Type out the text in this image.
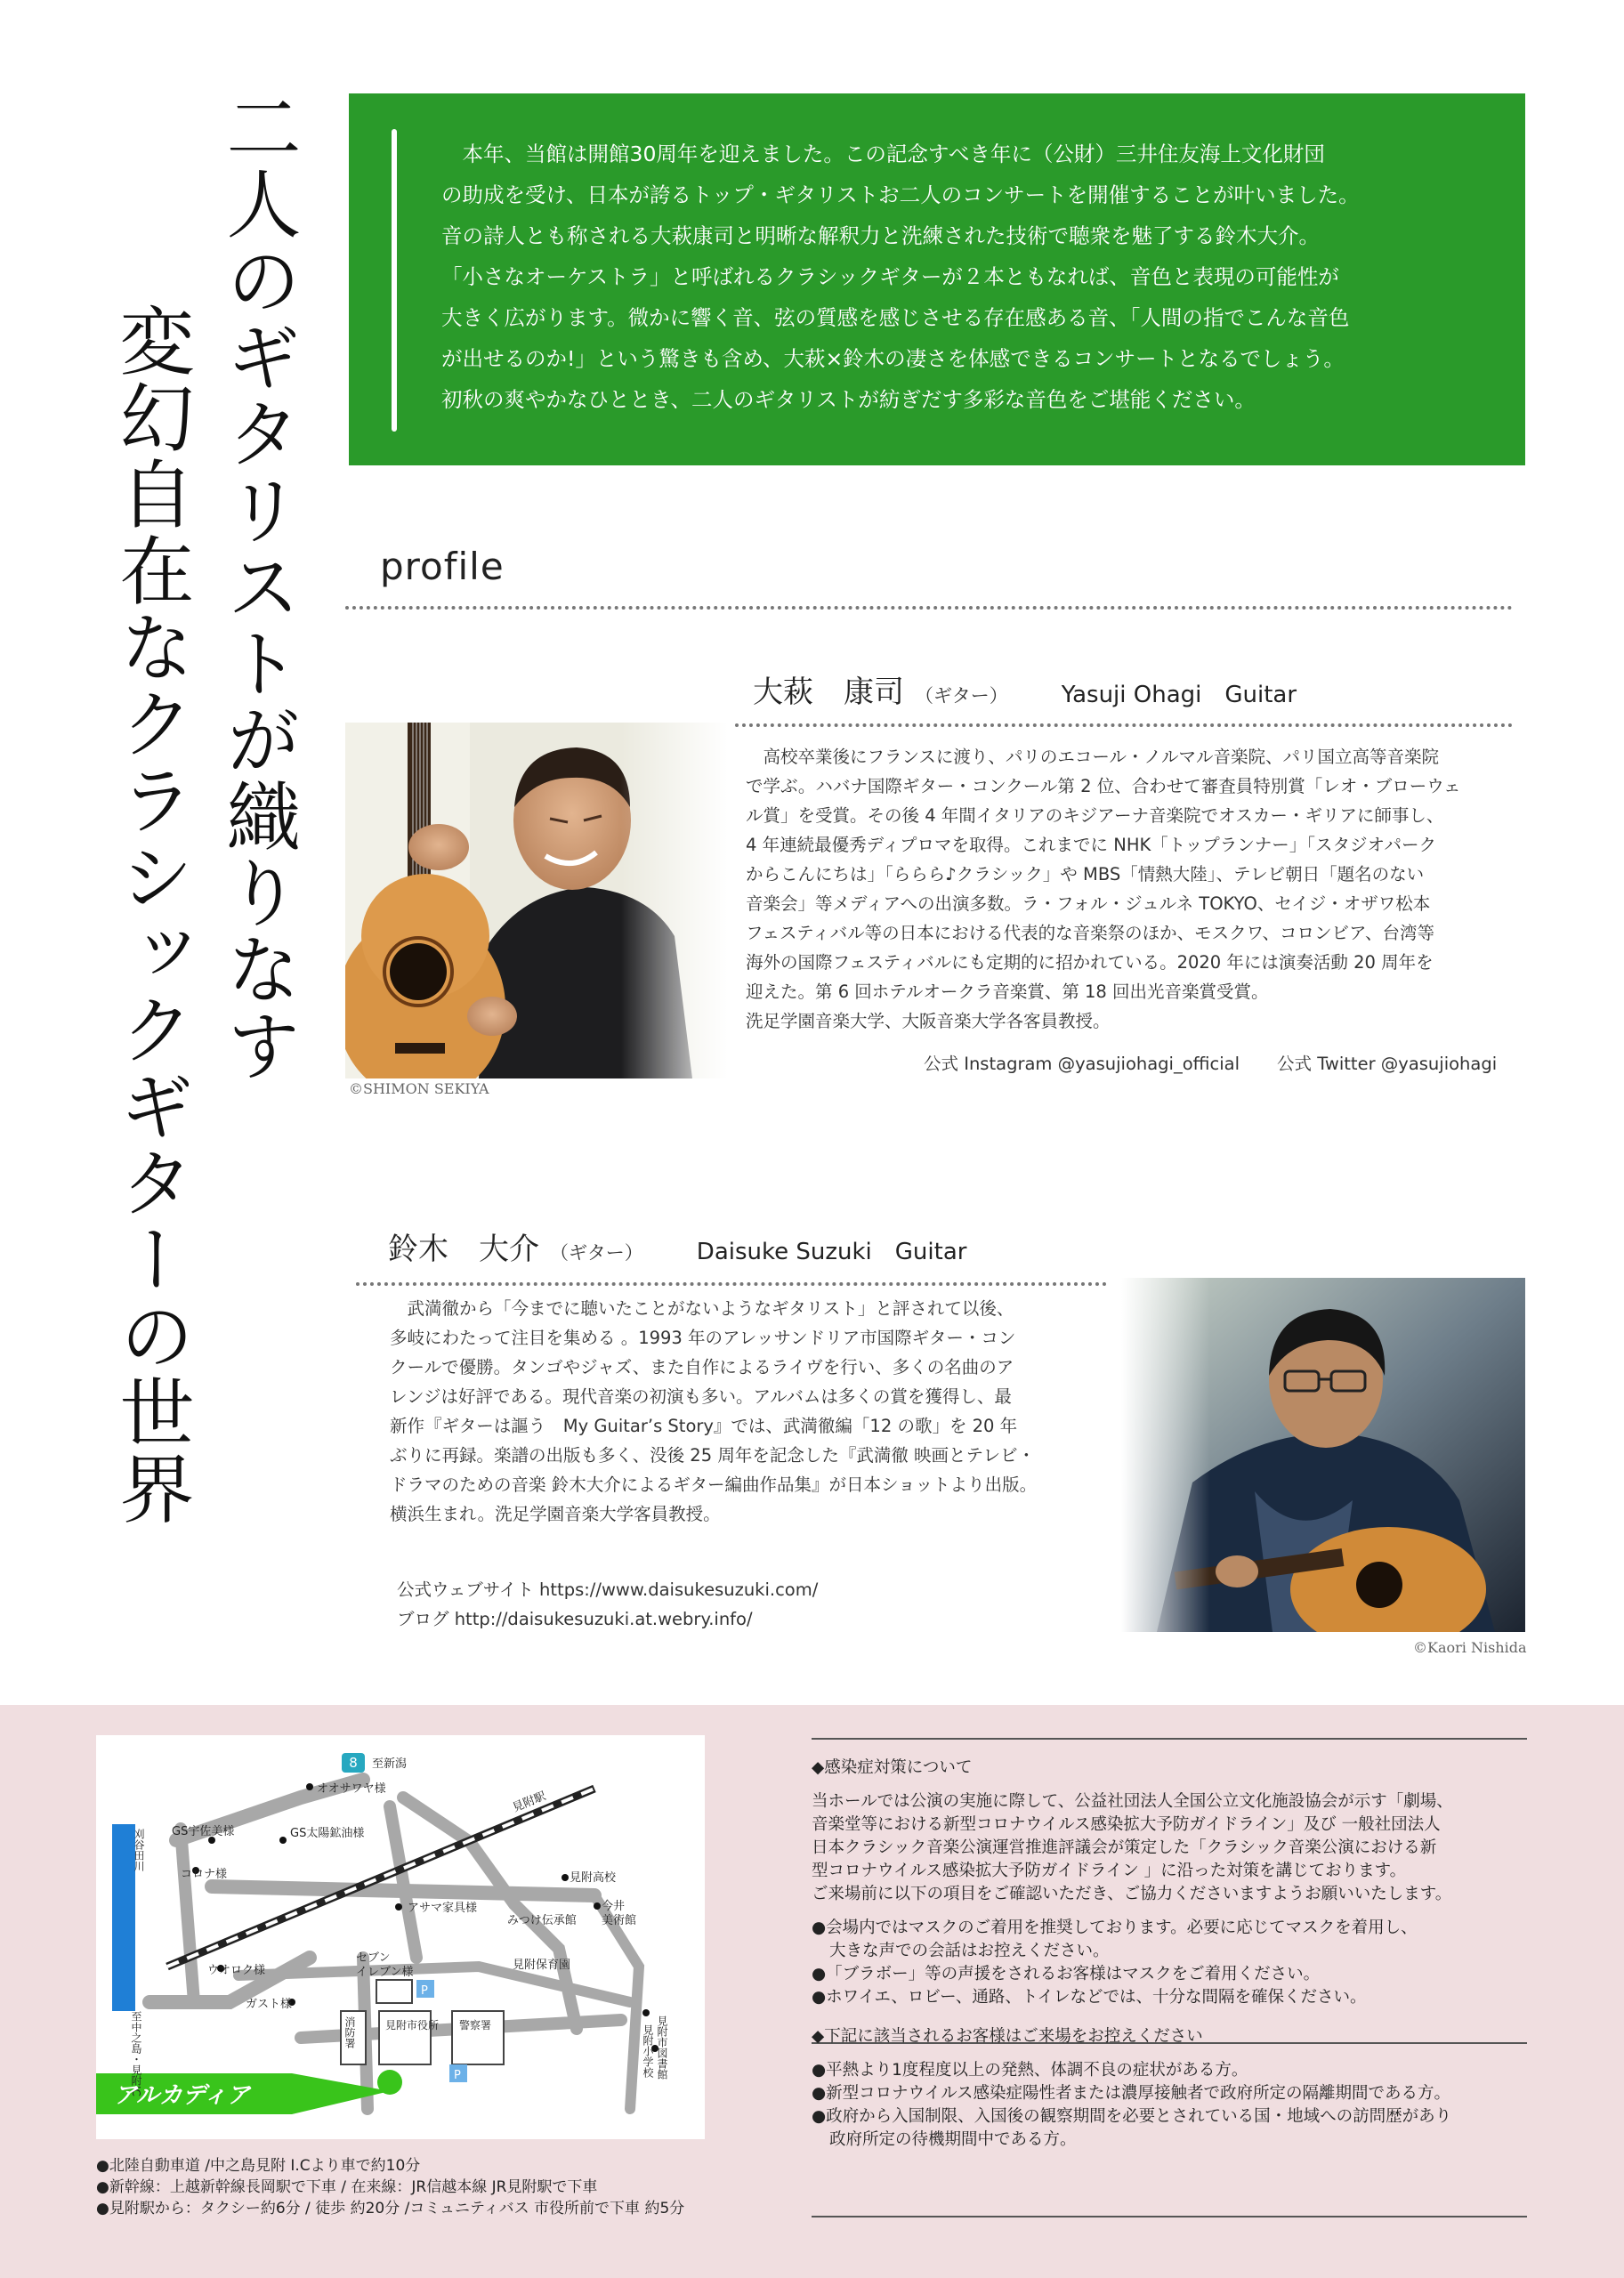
二人のギタリストが織りなす
変幻自在なクラシックギターの世界

　本年、当館は開館30周年を迎えました。この記念すべき年に（公財）三井住友海上文化財団

の助成を受け、日本が誇るトップ・ギタリストお二人のコンサートを開催することが叶いました。

音の詩人とも称される大萩康司と明晰な解釈力と洗練された技術で聴衆を魅了する鈴木大介。

「小さなオーケストラ」と呼ばれるクラシックギターが２本ともなれば、音色と表現の可能性が

大きく広がります。微かに響く音、弦の質感を感じさせる存在感ある音、「人間の指でこんな音色

が出せるのか!」という驚きも含め、大萩×鈴木の凄さを体感できるコンサートとなるでしょう。

初秋の爽やかなひととき、二人のギタリストが紡ぎだす多彩な音色をご堪能ください。

profile
大萩　康司 （ギター） Yasuji Ohagi　Guitar
©SHIMON SEKIYA

　高校卒業後にフランスに渡り、パリのエコール・ノルマル音楽院、パリ国立高等音楽院

で学ぶ。ハバナ国際ギター・コンクール第 2 位、合わせて審査員特別賞「レオ・ブローウェ

ル賞」を受賞。その後 4 年間イタリアのキジアーナ音楽院でオスカー・ギリアに師事し、

4 年連続最優秀ディプロマを取得。これまでに NHK「トップランナー」「スタジオパーク

からこんにちは」「ららら♪クラシック」や MBS「情熱大陸」、テレビ朝日「題名のない

音楽会」等メディアへの出演多数。ラ・フォル・ジュルネ TOKYO、セイジ・オザワ松本

フェスティバル等の日本における代表的な音楽祭のほか、モスクワ、コロンビア、台湾等

海外の国際フェスティバルにも定期的に招かれている。2020 年には演奏活動 20 周年を

迎えた。第 6 回ホテルオークラ音楽賞、第 18 回出光音楽賞受賞。

洗足学園音楽大学、大阪音楽大学各客員教授。

公式 Instagram @yasujiohagi_official 公式 Twitter @yasujiohagi
鈴木　大介 （ギター） Daisuke Suzuki　Guitar

　武満徹から「今までに聴いたことがないようなギタリスト」と評されて以後、

多岐にわたって注目を集める 。1993 年のアレッサンドリア市国際ギター・コン

クールで優勝。タンゴやジャズ、また自作によるライヴを行い、多くの名曲のア

レンジは好評である。現代音楽の初演も多い。アルバムは多くの賞を獲得し、最

新作『ギターは謳う　My Guitar’s Story』では、武満徹編「12 の歌」を 20 年

ぶりに再録。楽譜の出版も多く、没後 25 周年を記念した『武満徹 映画とテレビ・

ドラマのための音楽 鈴木大介によるギター編曲作品集』が日本ショットより出版。

横浜生まれ。洗足学園音楽大学客員教授。

公式ウェブサイト https://www.daisukesuzuki.com/

ブログ http://daisukesuzuki.at.webry.info/

©Kaori Nishida
8 至新潟
オオサワヤ様
見附駅
GS宇佐美様	GS太陽鉱油様
コロナ様	見附高校
アサマ家具様	今井
美術館
みつけ伝承館
至中之島・見附IC
刈谷田川
ウオロク様
セブン
イレブン様
P
P
見附保育園
ガスト様
消防署	見附市役所 警察署	見附市図書館
見附小学校
アルカディア

●北陸自動車道 /中之島見附 I.Cより車で約10分

●新幹線：上越新幹線長岡駅で下車 / 在来線：JR信越本線 JR見附駅で下車

●見附駅から：タクシー約6分 / 徒歩 約20分 /コミュニティバス 市役所前で下車 約5分

◆感染症対策について

当ホールでは公演の実施に際して、公益社団法人全国公立文化施設協会が示す「劇場、

音楽堂等における新型コロナウイルス感染拡大予防ガイドライン」及び 一般社団法人

日本クラシック音楽公演運営推進評議会が策定した「クラシック音楽公演における新

型コロナウイルス感染拡大予防ガイドライン 」に沿った対策を講じております。

ご来場前に以下の項目をご確認いただき、ご協力くださいますようお願いいたします。

●会場内ではマスクのご着用を推奨しております。必要に応じてマスクを着用し、

大きな声での会話はお控えください。

●「ブラボー」等の声援をされるお客様はマスクをご着用ください。

●ホワイエ、ロビー、通路、トイレなどでは、十分な間隔を確保ください。

◆下記に該当されるお客様はご来場をお控えください

●平熱より1度程度以上の発熱、体調不良の症状がある方。

●新型コロナウイルス感染症陽性者または濃厚接触者で政府所定の隔離期間である方。

●政府から入国制限、入国後の観察期間を必要とされている国・地域への訪問歴があり

政府所定の待機期間中である方。
